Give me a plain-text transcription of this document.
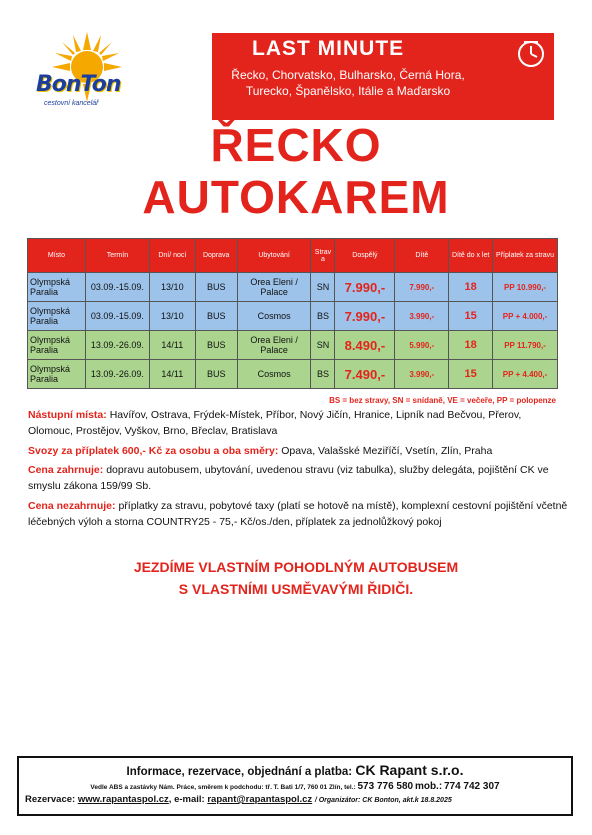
BonTon
cestovní kancelář
LAST MINUTE
Řecko, Chorvatsko, Bulharsko, Černá Hora,
Turecko, Španělsko, Itálie a Maďarsko
ŘECKO
AUTOKAREM
Místo	Termín	Dní/ nocí	Doprava	Ubytování	Strav a	Dospělý	Dítě	Dítě do x let	Příplatek za stravu
Olympská Paralia	03.09.-15.09.	13/10	BUS	Orea Eleni / Palace	SN	7.990,-	7.990,-	18	PP 10.990,-
Olympská Paralia	03.09.-15.09.	13/10	BUS	Cosmos	BS	7.990,-	3.990,-	15	PP + 4.000,-
Olympská Paralia	13.09.-26.09.	14/11	BUS	Orea Eleni / Palace	SN	8.490,-	5.990,-	18	PP 11.790,-
Olympská Paralia	13.09.-26.09.	14/11	BUS	Cosmos	BS	7.490,-	3.990,-	15	PP + 4.400,-
BS = bez stravy, SN = snídaně, VE = večeře, PP = polopenze
Nástupní místa: Havířov, Ostrava, Frýdek-Místek, Příbor, Nový Jičín, Hranice, Lipník nad Bečvou, Přerov, Olomouc, Prostějov, Vyškov, Brno, Břeclav, Bratislava
Svozy za příplatek 600,- Kč za osobu a oba směry: Opava, Valašské Meziříčí, Vsetín, Zlín, Praha
Cena zahrnuje: dopravu autobusem, ubytování, uvedenou stravu (viz tabulka), služby delegáta, pojištění CK ve smyslu zákona 159/99 Sb.
Cena nezahrnuje: příplatky za stravu, pobytové taxy (platí se hotově na místě), komplexní cestovní pojištění včetně léčebných výloh a storna COUNTRY25 - 75,- Kč/os./den, příplatek za jednolůžkový pokoj
JEZDÍME VLASTNÍM POHODLNÝM AUTOBUSEM
S VLASTNÍMI USMĚVAVÝMI ŘIDIČI.
Informace, rezervace, objednání a platba: CK Rapant s.r.o.
Vedle ABS a zastávky Nám. Práce, směrem k podchodu: tř. T. Bati 1/7, 760 01 Zlín, tel.: 573 776 580 mob.: 774 742 307
Rezervace: www.rapantaspol.cz, e-mail: rapant@rapantaspol.cz / Organizátor: CK Bonton, akt.k 18.8.2025
